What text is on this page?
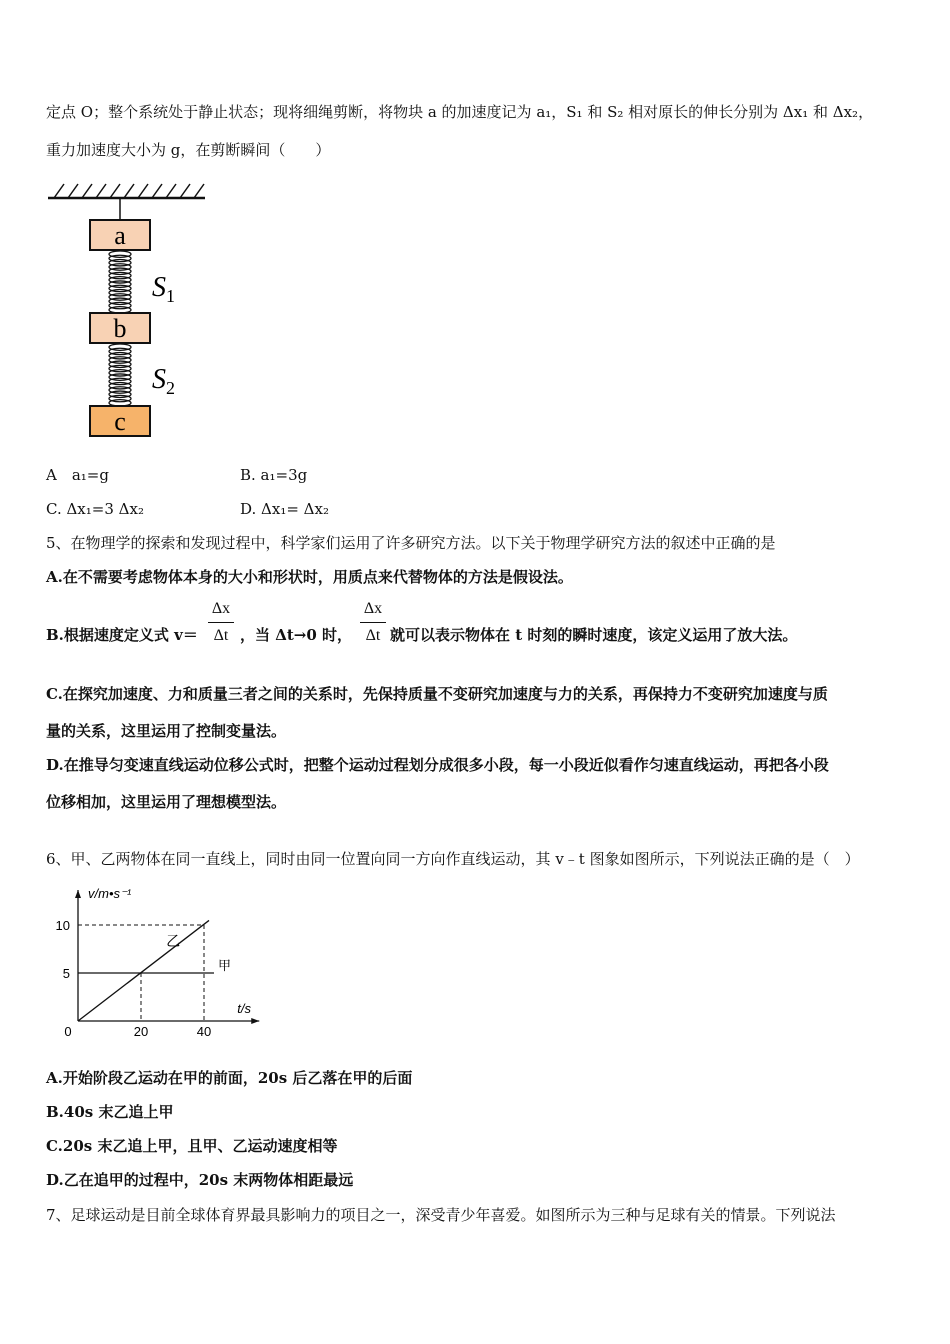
定点 O；整个系统处于静止状态；现将细绳剪断，将物块 a 的加速度记为 a₁，S₁ 和 S₂ 相对原长的伸长分别为 Δx₁ 和 Δx₂，
重力加速度大小为 g，在剪断瞬间（　　）
a
$S_1$
b
$S_2$
c
A　a₁=g	B. a₁=3g
C. Δx₁=3 Δx₂	D. Δx₁= Δx₂
5、在物理学的探索和发现过程中，科学家们运用了许多研究方法。以下关于物理学研究方法的叙述中正确的是
A.在不需要考虑物体本身的大小和形状时，用质点来代替物体的方法是假设法。
B.根据速度定义式 v＝
Δx
Δt ，当 Δt→0 时，
Δx
Δt 就可以表示物体在 t 时刻的瞬时速度，该定义运用了放大法。
C.在探究加速度、力和质量三者之间的关系时，先保持质量不变研究加速度与力的关系，再保持力不变研究加速度与质
量的关系，这里运用了控制变量法。
D.在推导匀变速直线运动位移公式时，把整个运动过程划分成很多小段，每一小段近似看作匀速直线运动，再把各小段
位移相加，这里运用了理想模型法。
6、甲、乙两物体在同一直线上，同时由同一位置向同一方向作直线运动，其 v﹣t 图象如图所示，下列说法正确的是（　）
v/m•s⁻¹
t/s
0
5
10
20	40
甲
乙
A.开始阶段乙运动在甲的前面，20s 后乙落在甲的后面
B.40s 末乙追上甲
C.20s 末乙追上甲，且甲、乙运动速度相等
D.乙在追甲的过程中，20s 末两物体相距最远
7、足球运动是目前全球体育界最具影响力的项目之一，深受青少年喜爱。如图所示为三种与足球有关的情景。下列说法
